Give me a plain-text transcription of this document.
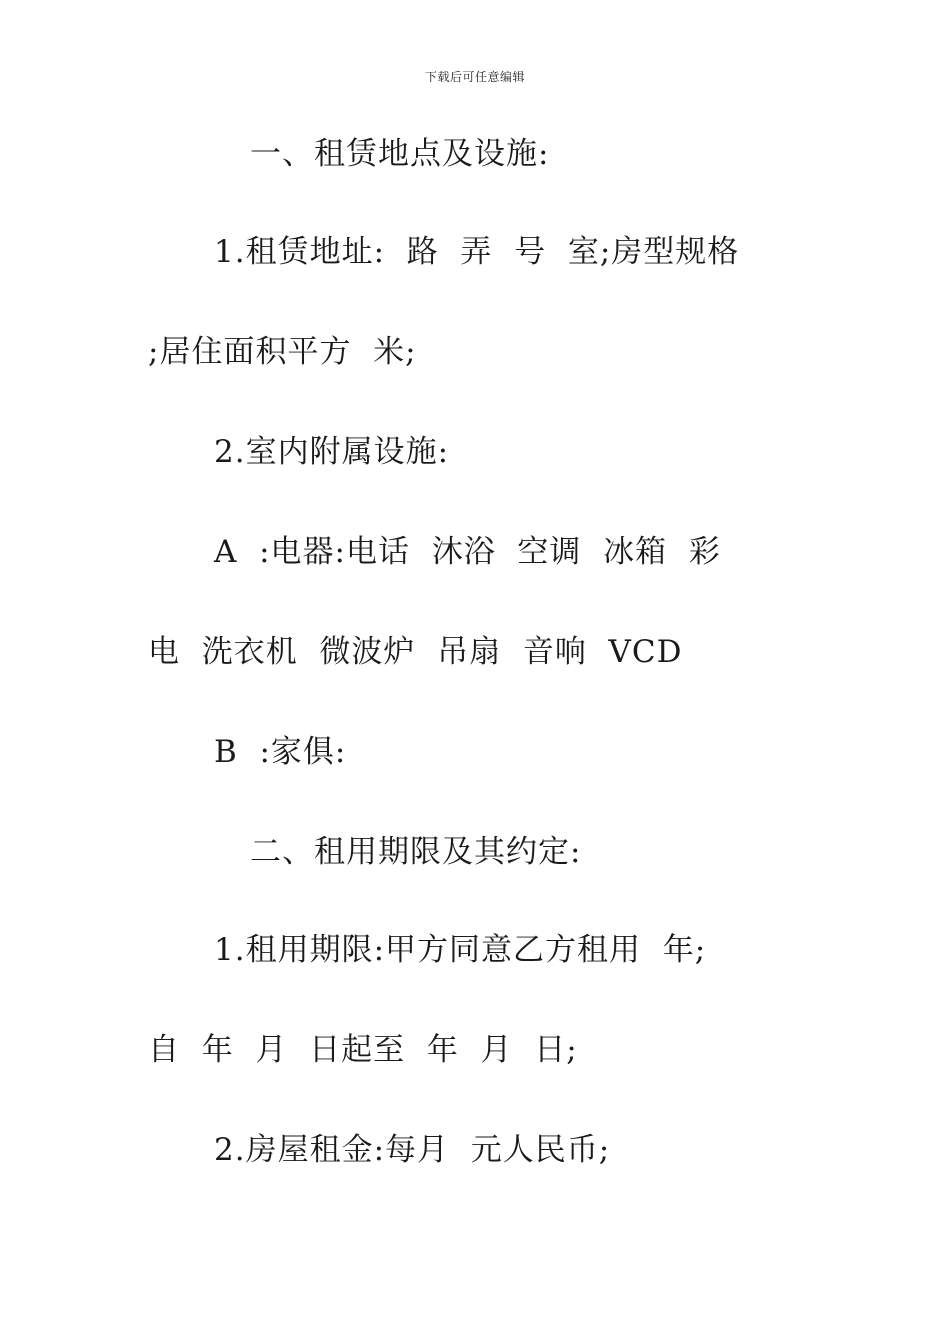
下载后可任意编辑
一、租赁地点及设施:
1.租赁地址:  路  弄  号  室;房型规格
;居住面积平方  米;
2.室内附属设施:
A  :电器:电话  沐浴  空调  冰箱  彩
电  洗衣机  微波炉  吊扇  音响  VCD
B  :家俱:
二、租用期限及其约定:
1.租用期限:甲方同意乙方租用  年;
自  年  月  日起至  年  月  日;
2.房屋租金:每月  元人民币;
